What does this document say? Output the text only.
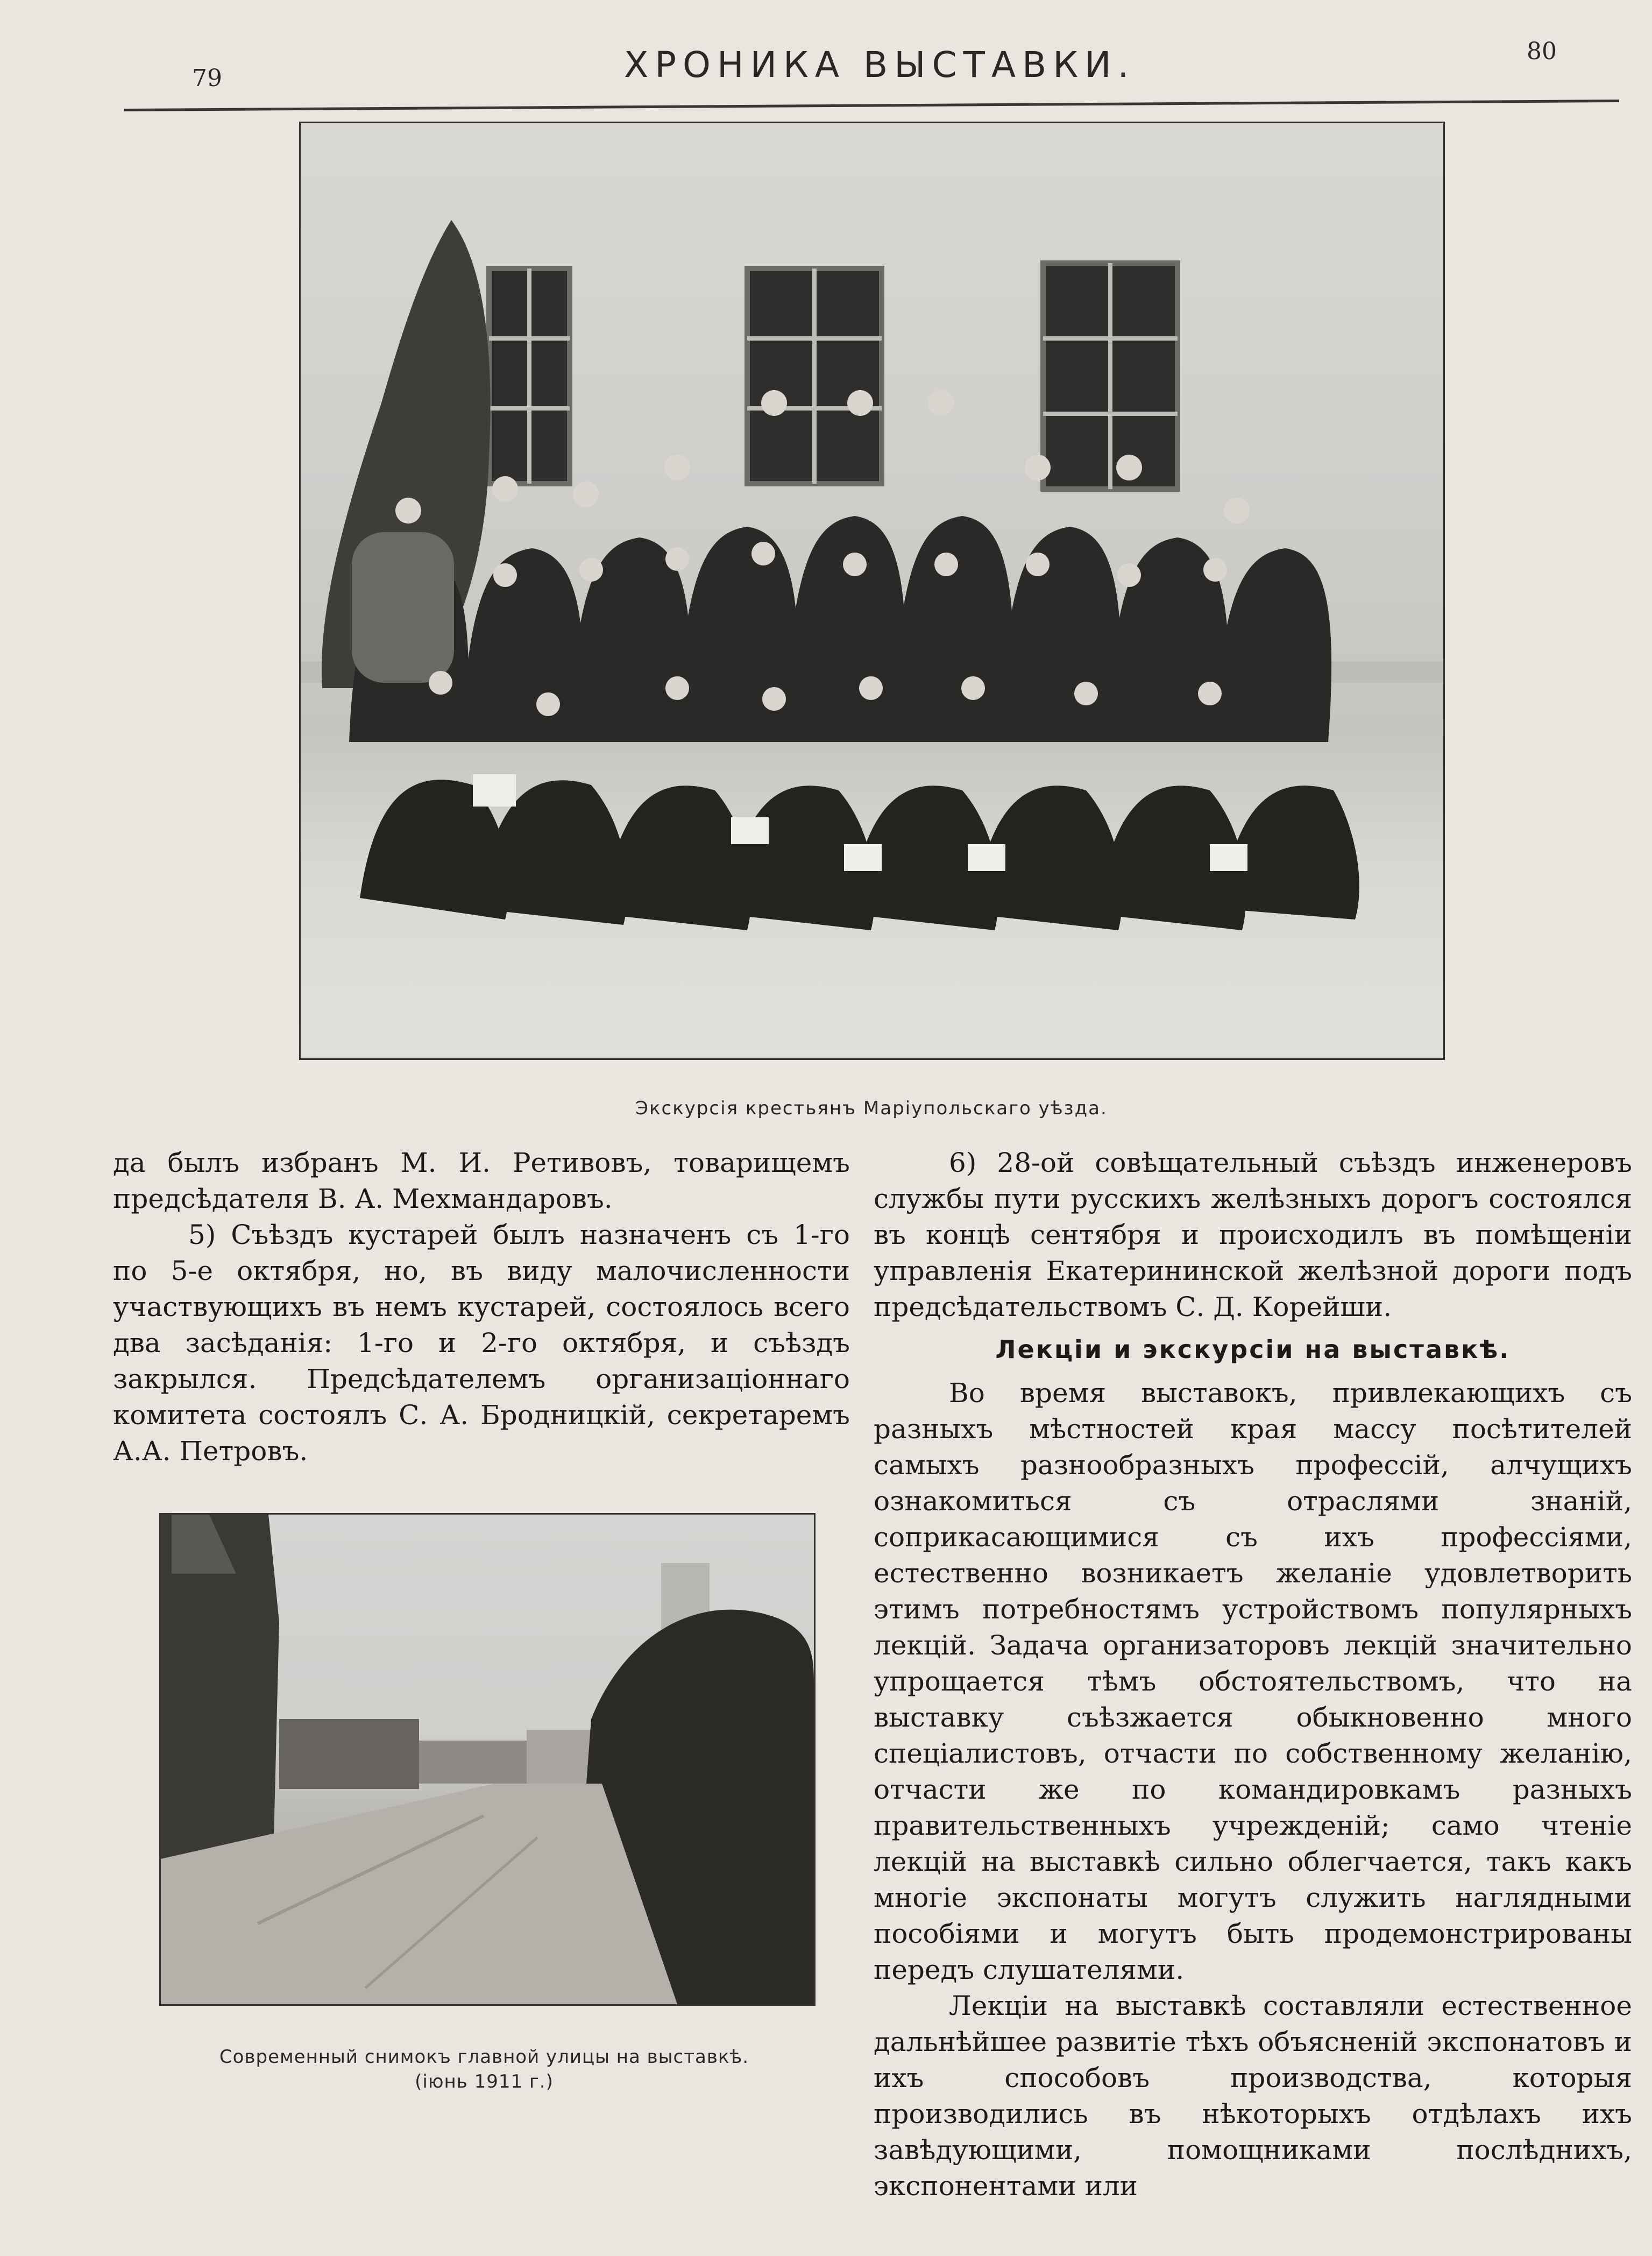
79	ХРОНИКА ВЫСТАВКИ.	80
Экскурсія крестьянъ Маріупольскаго уѣзда.

да былъ избранъ М. И. Ретивовъ, товарищемъ предсѣдателя В. А. Мехмандаровъ.

5) Съѣздъ кустарей былъ назначенъ съ 1-го по 5-е октября, но, въ виду малочисленности участвующихъ въ немъ кустарей, состоялось всего два засѣданія: 1-го и 2-го октября, и съѣздъ закрылся. Предсѣдателемъ организаціоннаго комитета состоялъ С. А. Бродницкій, секретаремъ А.А. Петровъ.

Современный снимокъ главной улицы на выставкѣ.
(іюнь 1911 г.)

6) 28-ой совѣщательный съѣздъ инженеровъ службы пути русскихъ желѣзныхъ дорогъ состоялся въ концѣ сентября и происходилъ въ помѣщеніи управленія Екатерининской желѣзной дороги подъ предсѣдательствомъ С. Д. Корейши.

Лекціи и экскурсіи на выставкѣ.

Во время выставокъ, привлекающихъ съ разныхъ мѣстностей края массу посѣтителей самыхъ разнообразныхъ профессій, алчущихъ ознакомиться съ отраслями знаній, соприкасающимися съ ихъ профессіями, естественно возникаетъ желаніе удовлетворить этимъ потребностямъ устройствомъ популярныхъ лекцій. Задача организаторовъ лекцій значительно упрощается тѣмъ обстоятельствомъ, что на выставку съѣзжается обыкновенно много спеціалистовъ, отчасти по собственному желанію, отчасти же по командировкамъ разныхъ правительственныхъ учрежденій; само чтеніе лекцій на выставкѣ сильно облегчается, такъ какъ многіе экспонаты могутъ служить наглядными пособіями и могутъ быть продемонстрированы передъ слушателями.

Лекціи на выставкѣ составляли естественное дальнѣйшее развитіе тѣхъ объясненій экспонатовъ и ихъ способовъ производства, которыя производились въ нѣкоторыхъ отдѣлахъ ихъ завѣдующими, помощниками послѣднихъ, экспонентами или
